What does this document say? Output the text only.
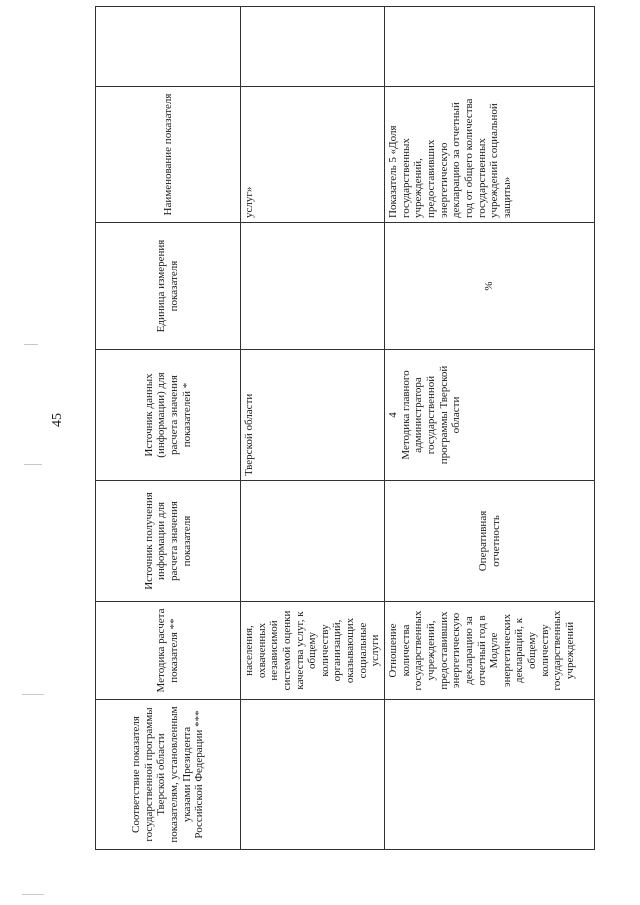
45
Соответствие показателя государственной программы Тверской области показателям, установленным указами Президента Российской Федерации ***	Методика расчета показателя **	Источник получения информации для расчета значения показателя	Источник данных (информации) для расчета значения показателей *	Единица измерения показателя	Наименование показателя	
	населения, охваченных независимой системой оценки качества услуг, к общему количеству организаций, оказывающих социальные услуги		Тверской области		услуг»	
	Отношение количества государственных учреждений, предоставивших энергетическую декларацию за отчетный год в Модуле энергетических деклараций, к общему количеству государственных учреждений	Оперативная отчетность	4 Методика главного администратора государственной программы Тверской области	%	Показатель 5 «Доля государственных учреждений, предоставивших энергетическую декларацию за отчетный год от общего количества государственных учреждений социальной защиты»	
